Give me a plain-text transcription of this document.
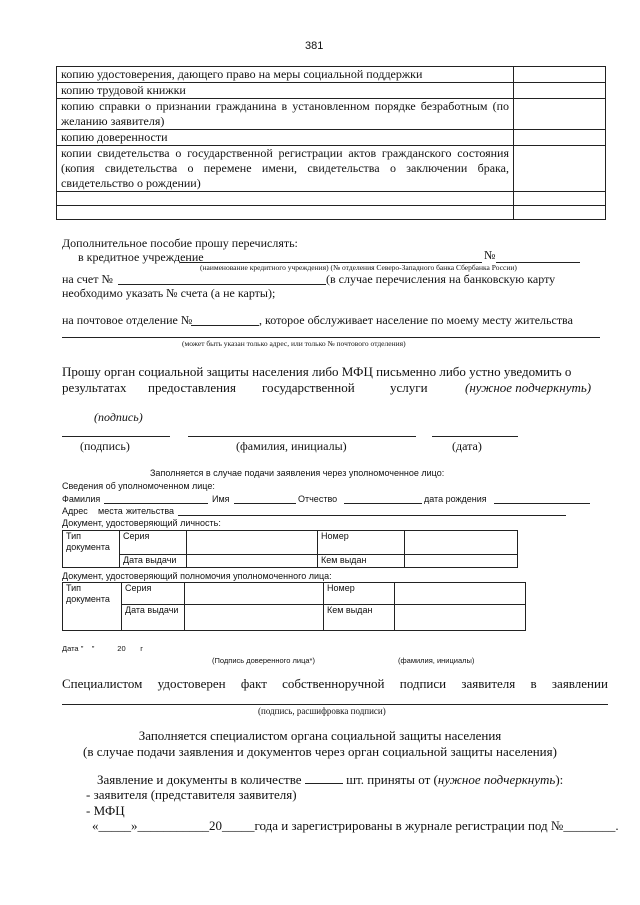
381
копию удостоверения, дающего право на меры социальной поддержки	
копию трудовой книжки	
копию справки о признании гражданина в установленном порядке безработным (по желанию заявителя)	
копию доверенности	
копии свидетельства о государственной регистрации актов гражданского состояния (копия свидетельства о перемене имени, свидетельства о заключении брака, свидетельство о рождении)	

Дополнительное пособие прошу перечислять:
в кредитное учреждение	№
(наименование кредитного учреждения) (№ отделения Северо-Западного банка Сбербанка России)
на счет №	(в случае перечисления на банковскую карту
необходимо указать № счета (а не карты);
на почтовое отделение №	, которое обслуживает население по моему месту жительства
(может быть указан только адрес, или только № почтового отделения)
Прошу орган социальной защиты населения либо МФЦ письменно либо устно уведомить о
результатах предоставления государственной	услуги	(нужное подчеркнуть)
(подпись)
(подпись)	(фамилия, инициалы)	(дата)
Заполняется в случае подачи заявления через уполномоченное лицо:
Сведения об уполномоченном лице:
Фамилия	Имя	Отчество	дата рождения
Адрес места жительства
Документ, удостоверяющий личность:
Тип документа	Серия		Номер	
	Дата выдачи		Кем выдан	
Документ, удостоверяющий полномочия уполномоченного лица:
Тип документа	Серия		Номер	
	Дата выдачи		Кем выдан	
Дата "    "           20       г
(Подпись доверенного лица*)	(фамилия, инициалы)
Специалистом удостоверен факт собственноручной подписи заявителя в заявлении
(подпись, расшифровка подписи)
Заполняется специалистом органа социальной защиты населения
(в случае подачи заявления и документов через орган социальной защиты населения)
Заявление и документы в количестве	шт. приняты от (нужное подчеркнуть):
- заявителя (представителя заявителя)
- МФЦ
«_____»___________20_____года и зарегистрированы в журнале регистрации под №________.
